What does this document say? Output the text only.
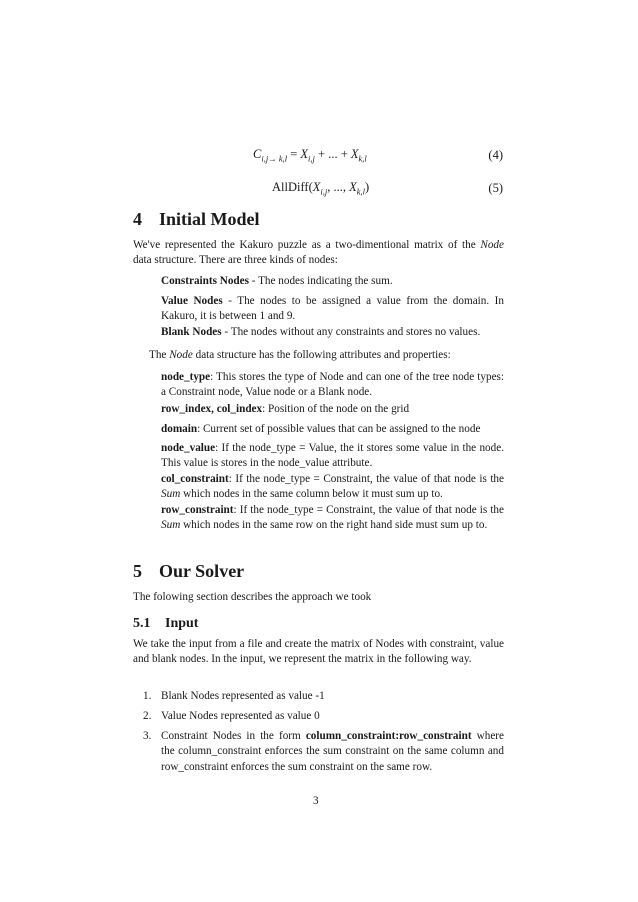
$C_{i,j\to k,l} = X_{i,j}$ + ... + $X_{k,l}$	(4)
$AllDiff(X_{i,j}$, ..., $X_{k,l}$)	(5)
4 Initial Model

We've represented the Kakuro puzzle as a two-dimentional matrix of the Node data structure. There are three kinds of nodes:

Constraints Nodes - The nodes indicating the sum.

Value Nodes - The nodes to be assigned a value from the domain. In Kakuro, it is between 1 and 9.

Blank Nodes - The nodes without any constraints and stores no values.

The Node data structure has the following attributes and properties:

node_type: This stores the type of Node and can one of the tree node types: a Constraint node, Value node or a Blank node.

row_index, col_index: Position of the node on the grid

domain: Current set of possible values that can be assigned to the node

node_value: If the node_type = Value, the it stores some value in the node. This value is stores in the node_value attribute.

col_constraint: If the node_type = Constraint, the value of that node is the Sum which nodes in the same column below it must sum up to.

row_constraint: If the node_type = Constraint, the value of that node is the Sum which nodes in the same row on the right hand side must sum up to.

5 Our Solver

The folowing section describes the approach we took

5.1 Input

We take the input from a file and create the matrix of Nodes with constraint, value and blank nodes. In the input, we represent the matrix in the following way.

1. Blank Nodes represented as value -1

2. Value Nodes represented as value 0

3. Constraint Nodes in the form column_constraint:row_constraint where the column_constraint enforces the sum constraint on the same column and row_constraint enforces the sum constraint on the same row.

3
